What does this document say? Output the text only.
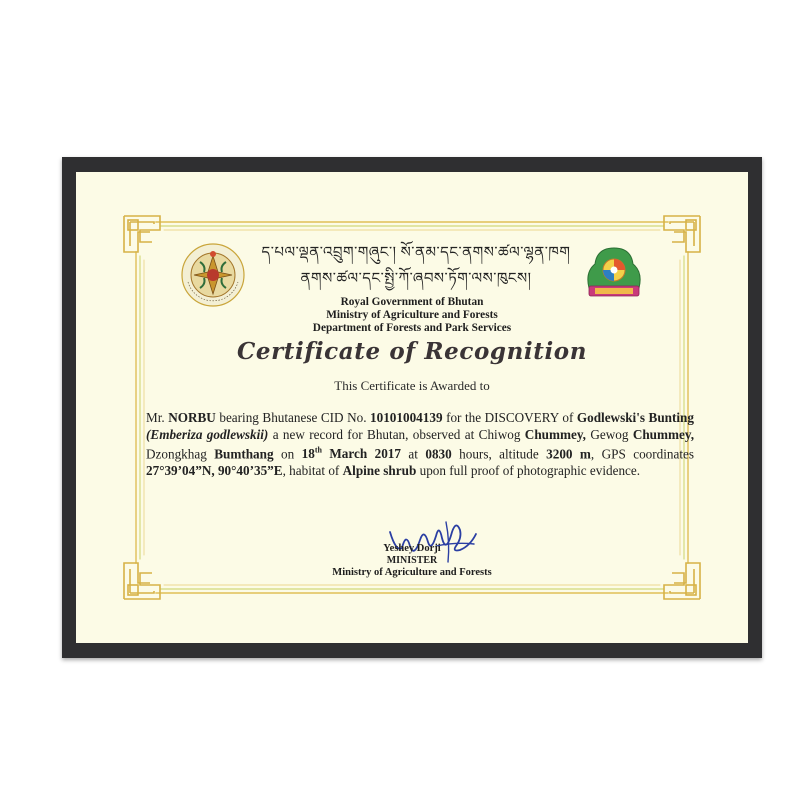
ད་པལ་ལྡན་འབྲུག་གཞུང་། སོ་ནམ་དང་ནགས་ཚལ་ལྷན་ཁག
ནགས་ཚལ་དང་སྤྱི་ཀོ་ཞབས་ཏོག་ལས་ཁུངས།
Royal Government of Bhutan
Ministry of Agriculture and Forests
Department of Forests and Park Services
Certificate of Recognition
This Certificate is Awarded to
Mr. NORBU bearing Bhutanese CID No. 10101004139 for the DISCOVERY of Godlewski's Bunting (Emberiza godlewskii) a new record for Bhutan, observed at Chiwog Chummey, Gewog Chummey, Dzongkhag Bumthang on 18th March 2017 at 0830 hours, altitude 3200 m, GPS coordinates 27°39’04”N, 90°40’35”E, habitat of Alpine shrub upon full proof of photographic evidence.
Yeshey Dorji
MINISTER
Ministry of Agriculture and Forests
